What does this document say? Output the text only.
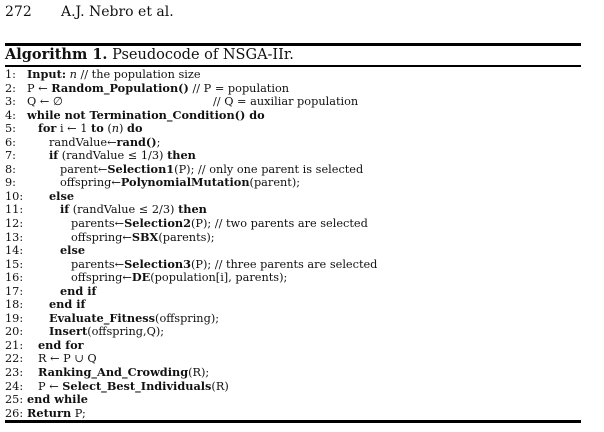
272 A.J. Nebro et al.
Algorithm 1. Pseudocode of NSGA-IIr.
1: Input: n // the population size
2: P ← Random_Population() // P = population
3: Q ← ∅	// Q = auxiliar population
4: while not Termination_Condition() do
5: for i ← 1 to (n) do
6:	randValue←rand();
7:	if (randValue ≤ 1/3) then
8:	parent←Selection1(P); // only one parent is selected
9:	offspring←PolynomialMutation(parent);
10: else
11:	if (randValue ≤ 2/3) then
12:	parents←Selection2(P); // two parents are selected
13:	offspring←SBX(parents);
14:	else
15:	parents←Selection3(P); // three parents are selected
16:	offspring←DE(population[i], parents);
17:	end if
18: end if
19: Evaluate_Fitness(offspring);
20: Insert(offspring,Q);
21: end for
22: R ← P ∪ Q
23: Ranking_And_Crowding(R);
24: P ← Select_Best_Individuals(R)
25: end while
26: Return P;
